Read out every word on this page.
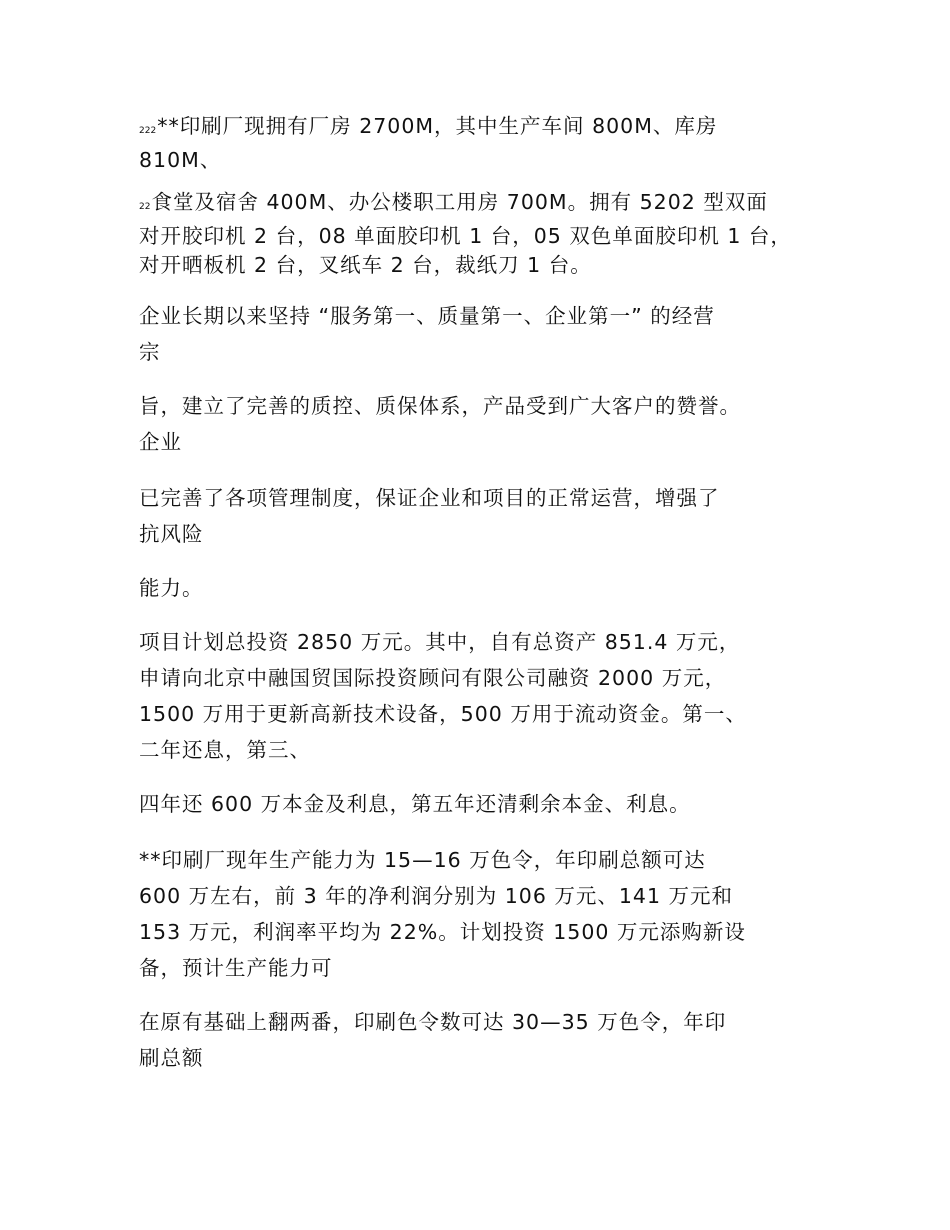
222**印刷厂现拥有厂房 2700M，其中生产车间 800M、库房
810M、

22食堂及宿舍 400M、办公楼职工用房 700M。拥有 5202 型双面
对开胶印机 2 台，08 单面胶印机 1 台，05 双色单面胶印机 1 台，
对开晒板机 2 台，叉纸车 2 台，裁纸刀 1 台。

企业长期以来坚持 “服务第一、质量第一、企业第一” 的经营
宗

旨，建立了完善的质控、质保体系，产品受到广大客户的赞誉。
企业

已完善了各项管理制度，保证企业和项目的正常运营，增强了
抗风险

能力。

项目计划总投资 2850 万元。其中，自有总资产 851.4 万元，
申请向北京中融国贸国际投资顾问有限公司融资 2000 万元，
1500 万用于更新高新技术设备，500 万用于流动资金。第一、
二年还息，第三、

四年还 600 万本金及利息，第五年还清剩余本金、利息。

**印刷厂现年生产能力为 15—16 万色令，年印刷总额可达
600 万左右，前 3 年的净利润分别为 106 万元、141 万元和
153 万元，利润率平均为 22%。计划投资 1500 万元添购新设
备，预计生产能力可

在原有基础上翻两番，印刷色令数可达 30—35 万色令，年印
刷总额
